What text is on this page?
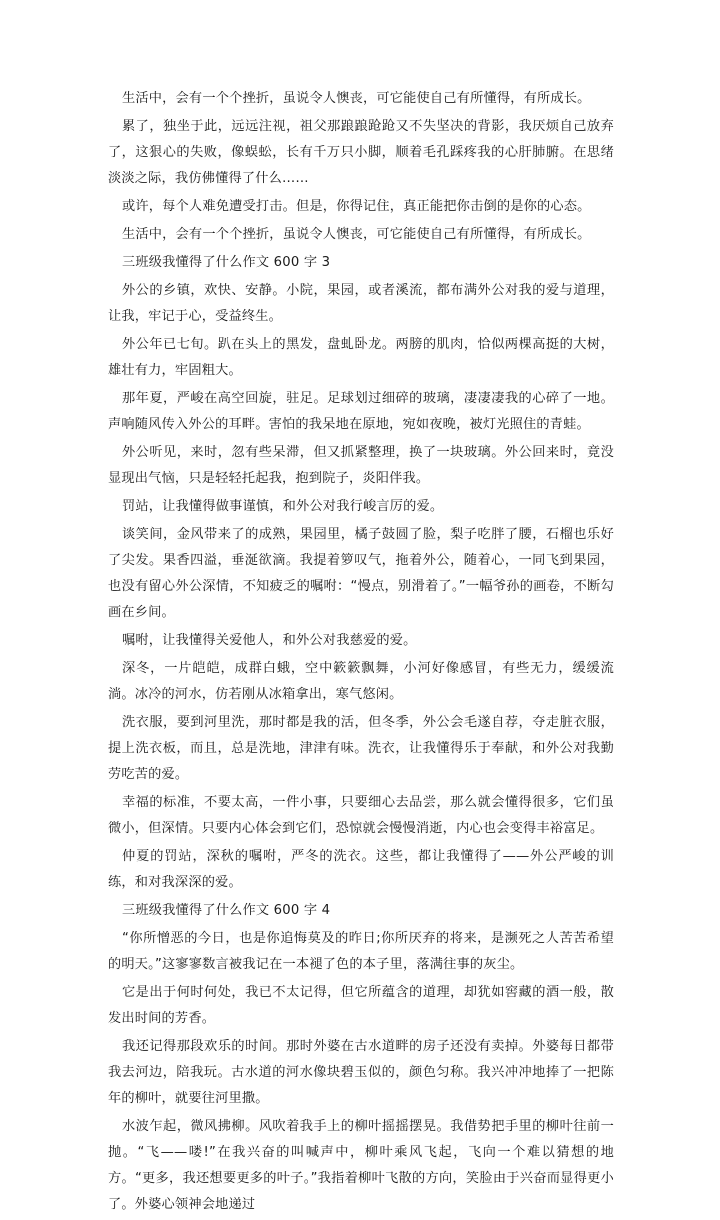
生活中，会有一个个挫折，虽说令人懊丧，可它能使自己有所懂得，有所成长。

累了，独坐于此，远远注视，祖父那踉踉跄跄又不失坚决的背影，我厌烦自己放弃了，这狠心的失败，像蜈蚣，长有千万只小脚，顺着毛孔踩疼我的心肝肺腑。在思绪淡淡之际，我仿佛懂得了什么……

或许，每个人难免遭受打击。但是，你得记住，真正能把你击倒的是你的心态。

生活中，会有一个个挫折，虽说令人懊丧，可它能使自己有所懂得，有所成长。

三班级我懂得了什么作文 600 字 3

外公的乡镇，欢快、安静。小院，果园，或者溪流，都布满外公对我的爱与道理，让我，牢记于心，受益终生。

外公年已七旬。趴在头上的黑发，盘虬卧龙。两膀的肌肉，恰似两棵高挺的大树，雄壮有力，牢固粗大。

那年夏，严峻在高空回旋，驻足。足球划过细碎的玻璃，凄凄凄我的心碎了一地。声响随风传入外公的耳畔。害怕的我呆地在原地，宛如夜晚，被灯光照住的青蛙。

外公听见，来时，忽有些呆滞，但又抓紧整理，换了一块玻璃。外公回来时，竟没显现出气恼，只是轻轻托起我，抱到院子，炎阳伴我。

罚站，让我懂得做事谨慎，和外公对我行峻言厉的爱。

谈笑间，金风带来了的成熟，果园里，橘子鼓圆了脸，梨子吃胖了腰，石榴也乐好了尖发。果香四溢，垂涎欲滴。我提着箩叹气，拖着外公，随着心，一同飞到果园，也没有留心外公深情，不知疲乏的嘱咐：“慢点，别滑着了。”一幅爷孙的画卷，不断勾画在乡间。

嘱咐，让我懂得关爱他人，和外公对我慈爱的爱。

深冬，一片皑皑，成群白蛾，空中簌簌飘舞，小河好像感冒，有些无力，缓缓流淌。冰冷的河水，仿若刚从冰箱拿出，寒气悠闲。

洗衣服，要到河里洗，那时都是我的活，但冬季，外公会毛遂自荐，夺走脏衣服，提上洗衣板，而且，总是洗地，津津有味。洗衣，让我懂得乐于奉献，和外公对我勤劳吃苦的爱。

幸福的标准，不要太高，一件小事，只要细心去品尝，那么就会懂得很多，它们虽微小，但深情。只要内心体会到它们，恐惊就会慢慢消逝，内心也会变得丰裕富足。

仲夏的罚站，深秋的嘱咐，严冬的洗衣。这些，都让我懂得了——外公严峻的训练，和对我深深的爱。

三班级我懂得了什么作文 600 字 4

“你所憎恶的今日，也是你追悔莫及的昨日;你所厌弃的将来，是濒死之人苦苦希望的明天。”这寥寥数言被我记在一本褪了色的本子里，落满往事的灰尘。

它是出于何时何处，我已不太记得，但它所蕴含的道理，却犹如窖藏的酒一般，散发出时间的芳香。

我还记得那段欢乐的时间。那时外婆在古水道畔的房子还没有卖掉。外婆每日都带我去河边，陪我玩。古水道的河水像块碧玉似的，颜色匀称。我兴冲冲地捧了一把陈年的柳叶，就要往河里撒。

水波乍起，微风拂柳。风吹着我手上的柳叶摇摇摆晃。我借势把手里的柳叶往前一抛。“飞——喽!”在我兴奋的叫喊声中，柳叶乘风飞起，飞向一个难以猜想的地方。“更多，我还想要更多的叶子。”我指着柳叶飞散的方向，笑脸由于兴奋而显得更小了。外婆心领神会地递过
